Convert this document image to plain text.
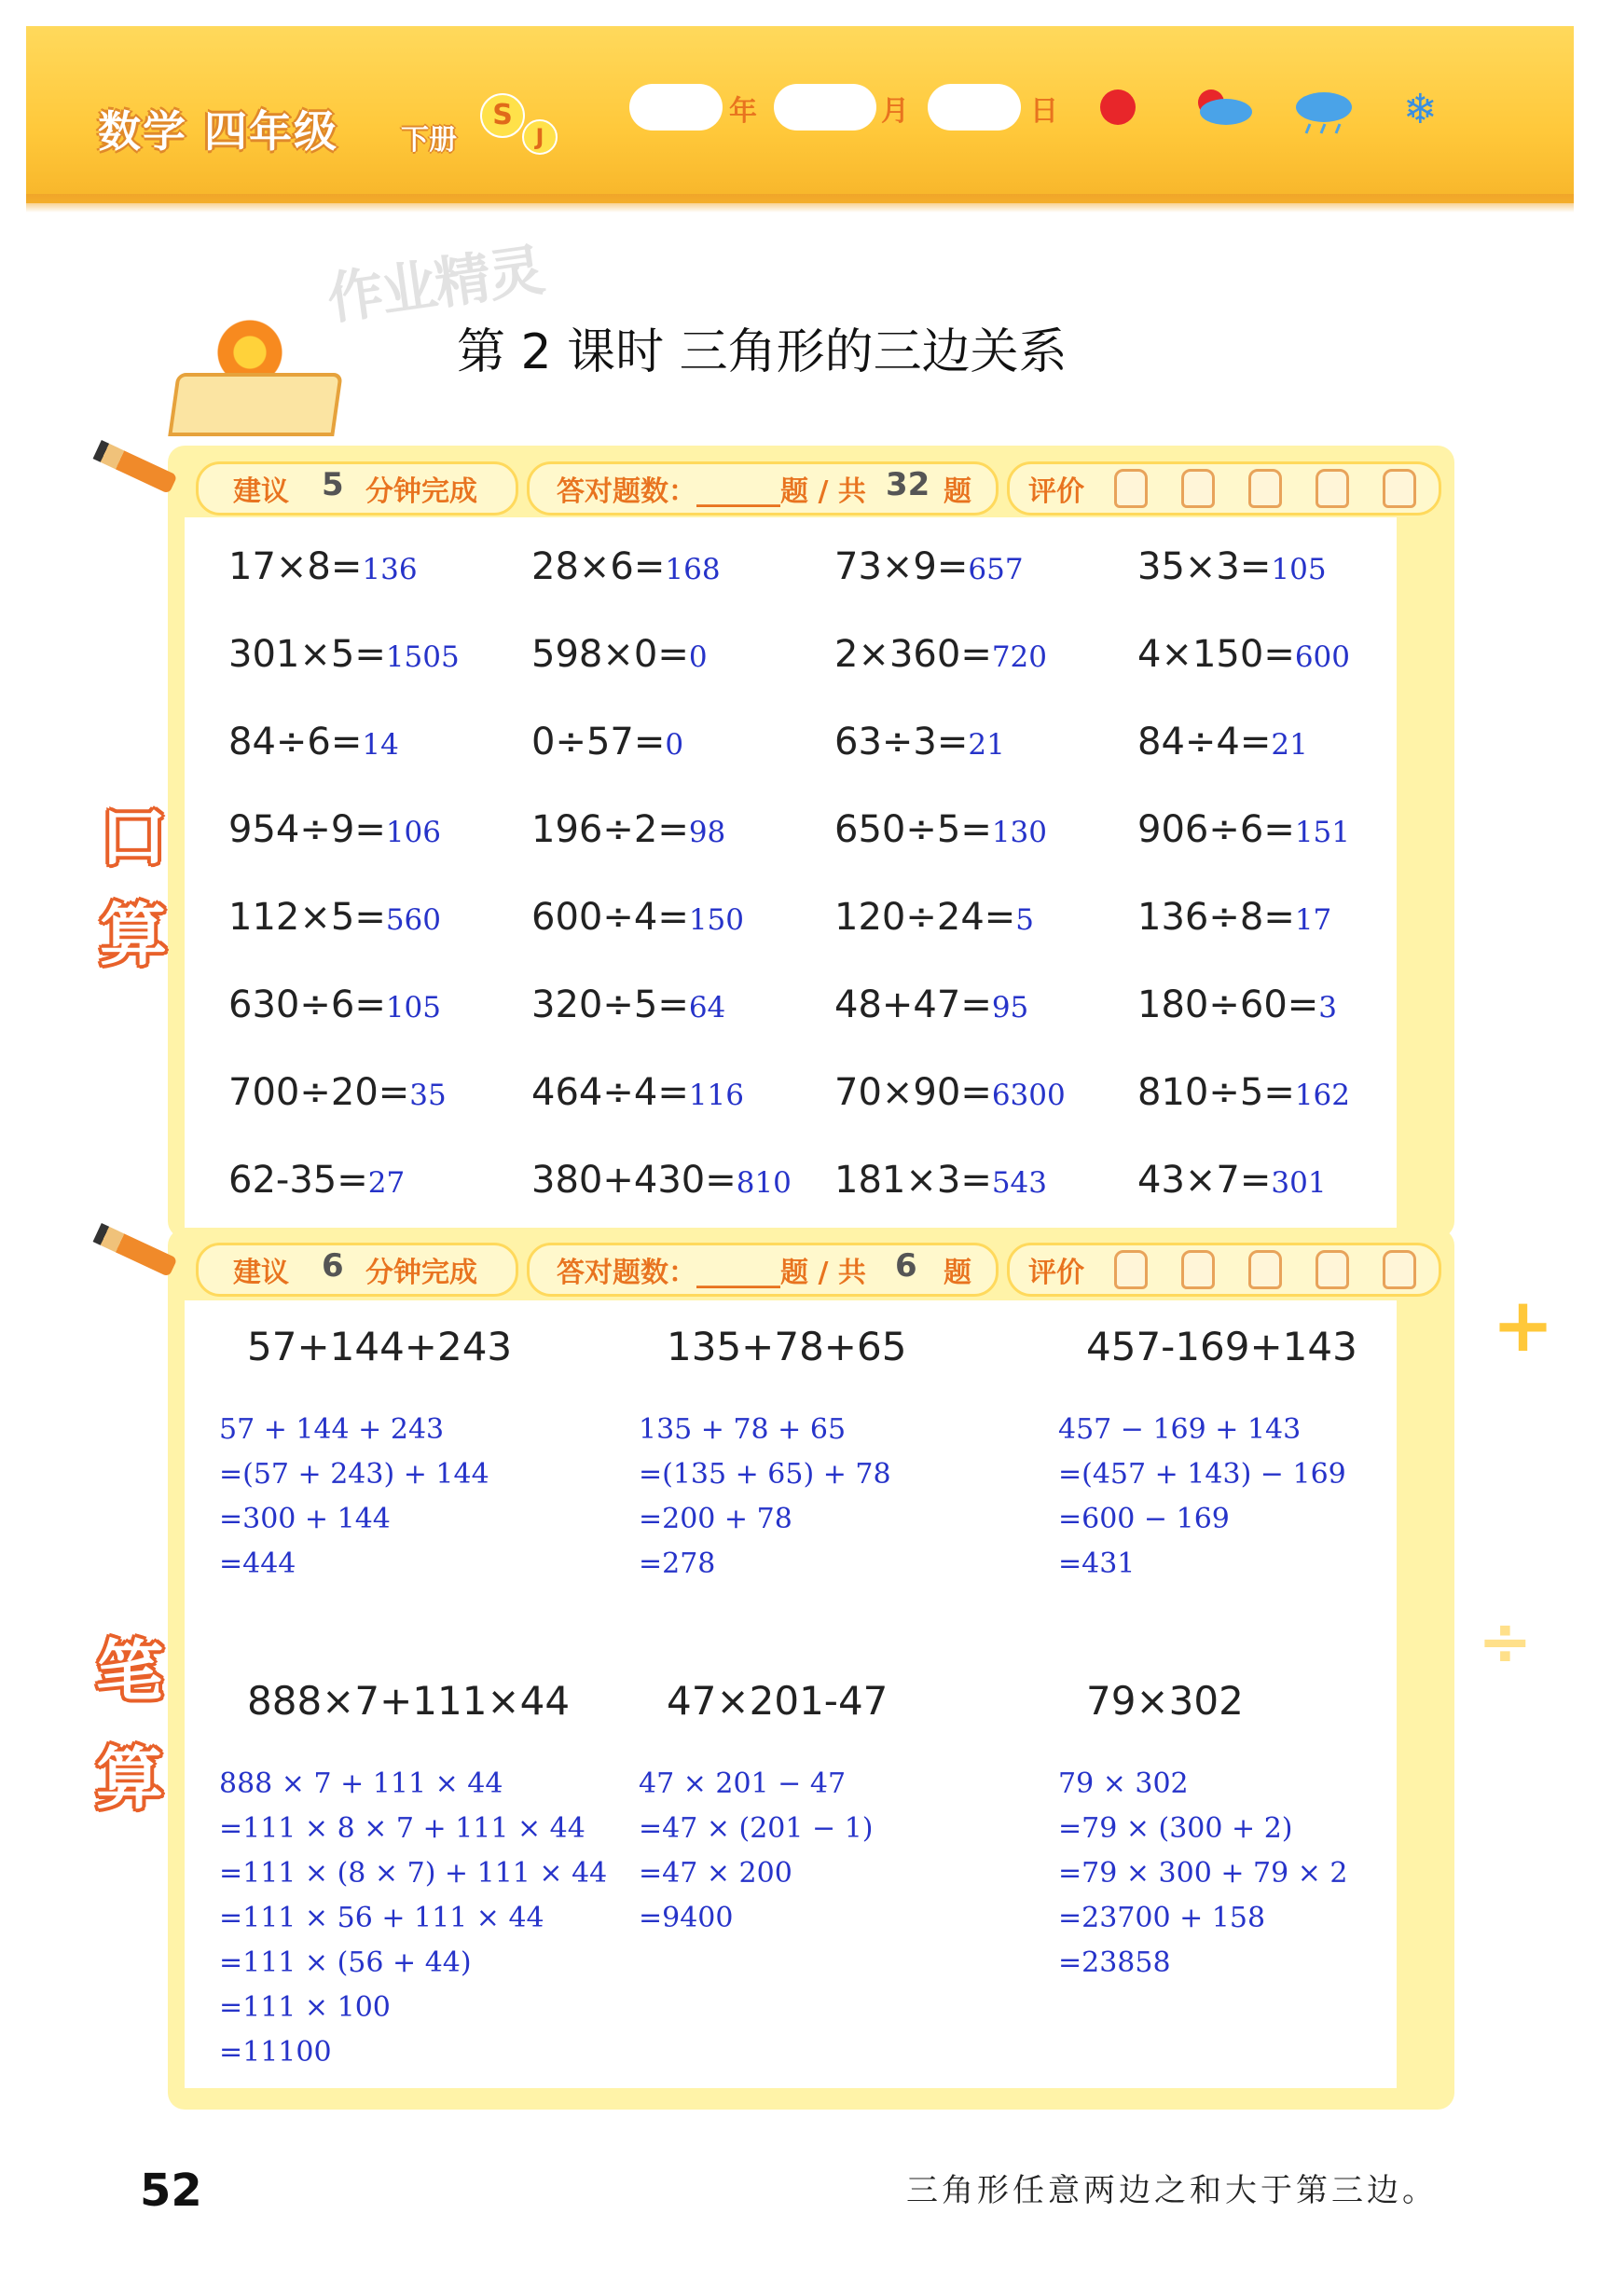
数学 四年级 下册
S
J
年	月	日	❄
作业精灵
第 2 课时 三角形的三边关系
建议 5 分钟完成	答对题数：______题 / 共 32 题 评价
口
算
17×8=136	28×6=168	73×9=657	35×3=105
301×5=1505 598×0=0	2×360=720 4×150=600
84÷6=14	0÷57=0	63÷3=21	84÷4=21
954÷9=106 196÷2=98	650÷5=130 906÷6=151
112×5=560 600÷4=150 120÷24=5	136÷8=17
630÷6=105 320÷5=64	48+47=95	180÷60=3
700÷20=35 464÷4=116 70×90=6300 810÷5=162
62-35=27	380+430=810 181×3=543 43×7=301
建议 6 分钟完成	答对题数：______题 / 共 6 题 评价
笔
算
57+144+243
57 + 144 + 243
=(57 + 243) + 144
=300 + 144
=444
135+78+65
135 + 78 + 65
=(135 + 65) + 78
=200 + 78
=278
457-169+143
457 − 169 + 143
=(457 + 143) − 169
=600 − 169
=431
888×7+111×44
888 × 7 + 111 × 44
=111 × 8 × 7 + 111 × 44
=111 × (8 × 7) + 111 × 44
=111 × 56 + 111 × 44
=111 × (56 + 44)
=111 × 100
=11100
47×201-47
47 × 201 − 47
=47 × (201 − 1)
=47 × 200
=9400
79×302
79 × 302
=79 × (300 + 2)
=79 × 300 + 79 × 2
=23700 + 158
=23858
+
÷
52	三角形任意两边之和大于第三边。
